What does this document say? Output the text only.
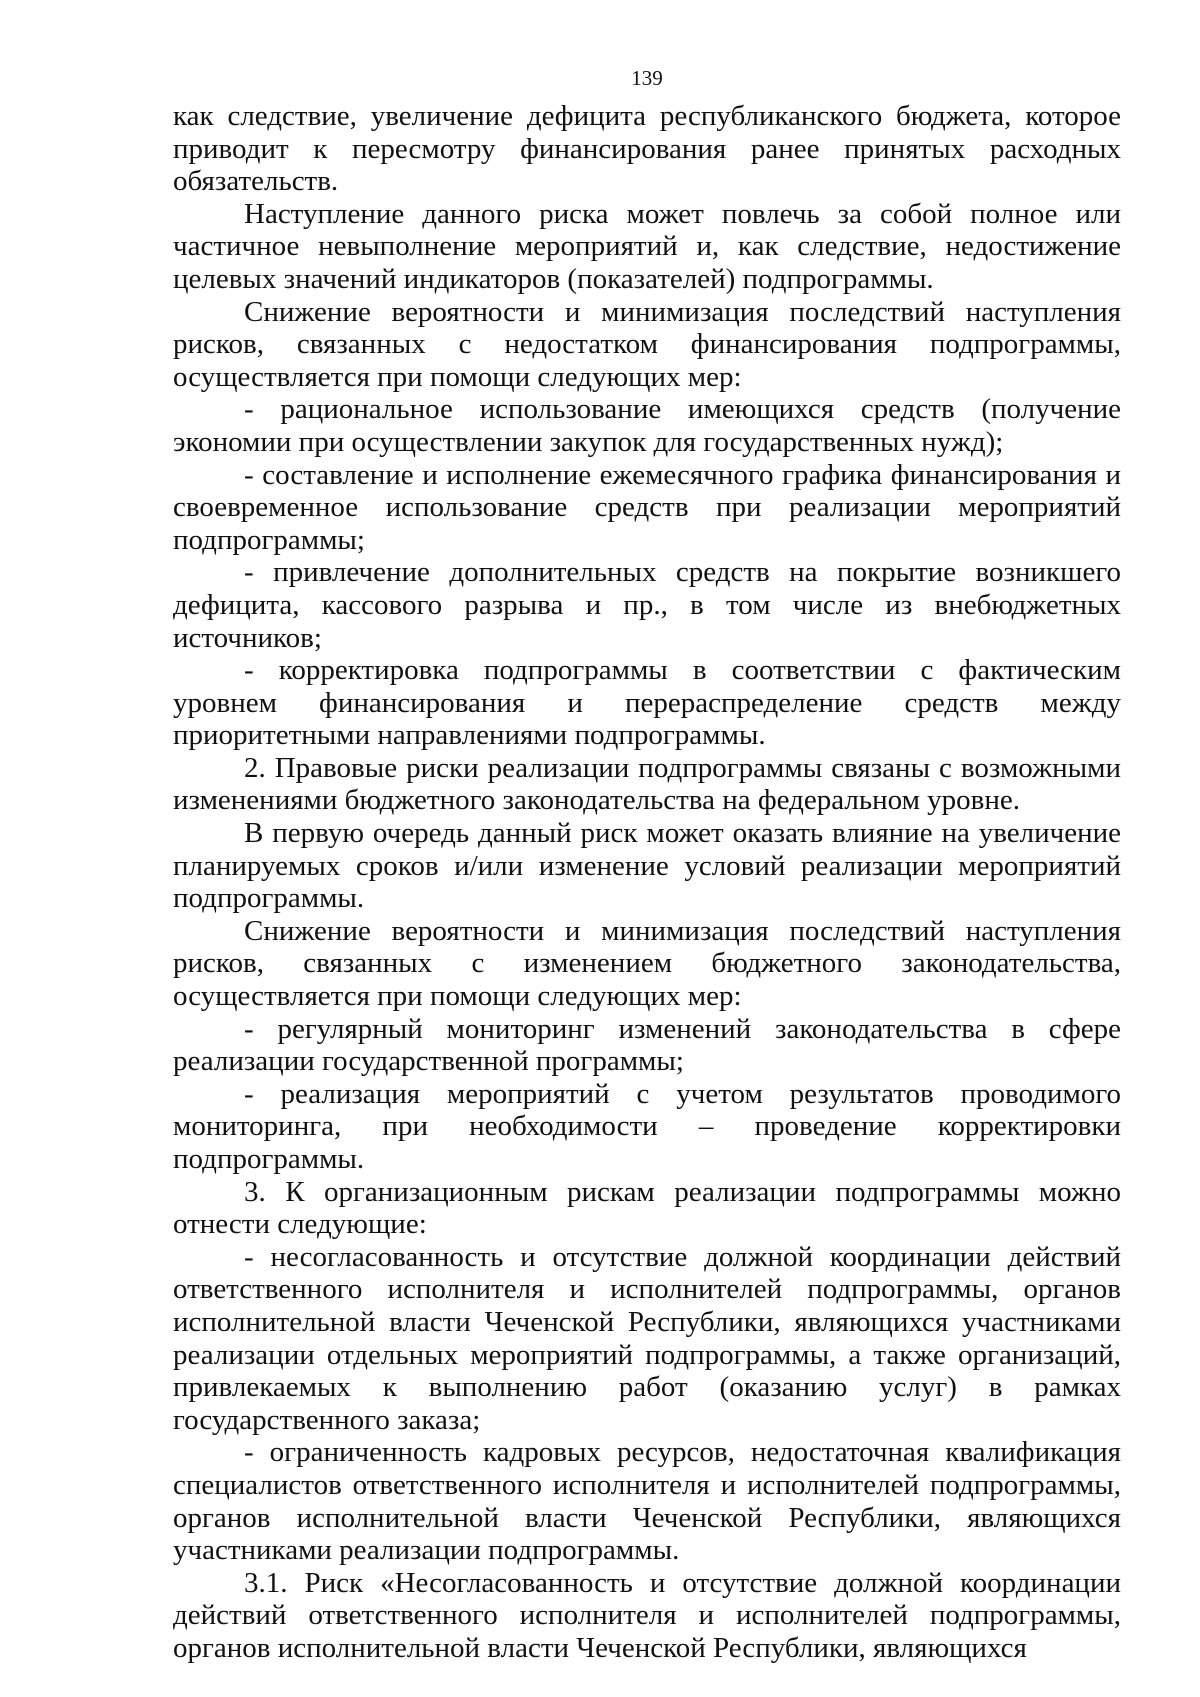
139

как следствие, увеличение дефицита республиканского бюджета, которое приводит к пересмотру финансирования ранее принятых расходных обязательств.

Наступление данного риска может повлечь за собой полное или частичное невыполнение мероприятий и, как следствие, недостижение целевых значений индикаторов (показателей) подпрограммы.

Снижение вероятности и минимизация последствий наступления рисков, связанных с недостатком финансирования подпрограммы, осуществляется при помощи следующих мер:

- рациональное использование имеющихся средств (получение экономии при осуществлении закупок для государственных нужд);

- составление и исполнение ежемесячного графика финансирования и своевременное использование средств при реализации мероприятий подпрограммы;

- привлечение дополнительных средств на покрытие возникшего дефицита, кассового разрыва и пр., в том числе из внебюджетных источников;

- корректировка подпрограммы в соответствии с фактическим уровнем финансирования и перераспределение средств между приоритетными направлениями подпрограммы.

2. Правовые риски реализации подпрограммы связаны с возможными изменениями бюджетного законодательства на федеральном уровне.

В первую очередь данный риск может оказать влияние на увеличение планируемых сроков и/или изменение условий реализации мероприятий подпрограммы.

Снижение вероятности и минимизация последствий наступления рисков, связанных с изменением бюджетного законодательства, осуществляется при помощи следующих мер:

- регулярный мониторинг изменений законодательства в сфере реализации государственной программы;

- реализация мероприятий с учетом результатов проводимого мониторинга, при необходимости – проведение корректировки подпрограммы.

3. К организационным рискам реализации подпрограммы можно отнести следующие:

- несогласованность и отсутствие должной координации действий ответственного исполнителя и исполнителей подпрограммы, органов исполнительной власти Чеченской Республики, являющихся участниками реализации отдельных мероприятий подпрограммы, а также организаций, привлекаемых к выполнению работ (оказанию услуг) в рамках государственного заказа;

- ограниченность кадровых ресурсов, недостаточная квалификация специалистов ответственного исполнителя и исполнителей подпрограммы, органов исполнительной власти Чеченской Республики, являющихся участниками реализации подпрограммы.

3.1. Риск «Несогласованность и отсутствие должной координации действий ответственного исполнителя и исполнителей подпрограммы, органов исполнительной власти Чеченской Республики, являющихся
